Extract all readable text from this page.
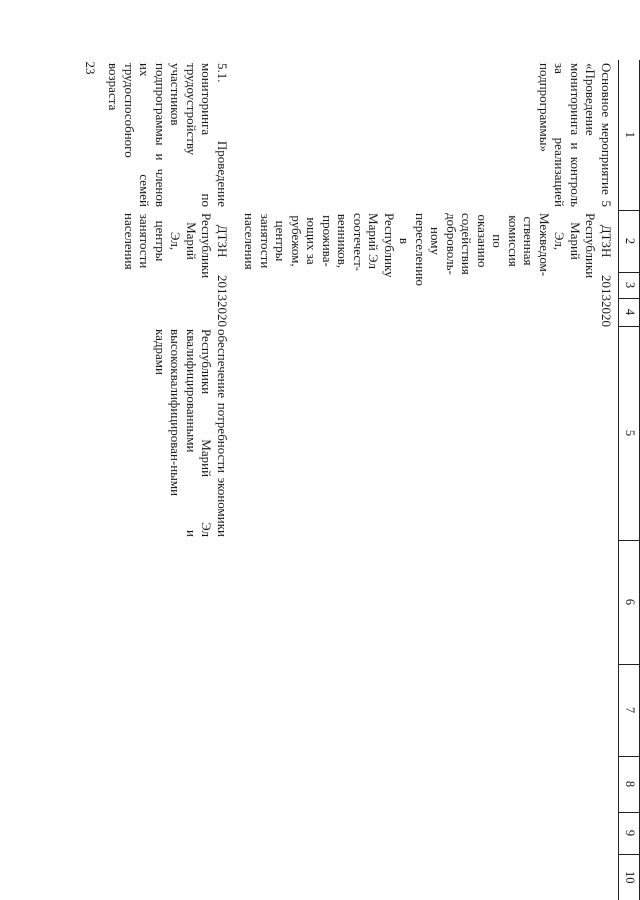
23
1	2	3	4	5	6	7	8	9	10
Основное мероприятие 5 «Проведение мониторинга и контроль за реализацией подпрограммы»	ДТЗН Республики Марий Эл, Межведом-ственная комиссия по оказанию содействия доброволь-ному переселению в Республику Марий Эл соотечест-венников, прожива-ющих за рубежом, центры занятости населения	2013	2020						
5.1. Проведение мониторинга по трудоустройству участников подпрограммы и членов их семей трудоспособного возраста	ДТЗН Республики Марий Эл, центры занятости населения	2013	2020	обеспечение потребности экономики Республики Марий Эл квалифицированными и высококвалифицирован-ными кадрами					
